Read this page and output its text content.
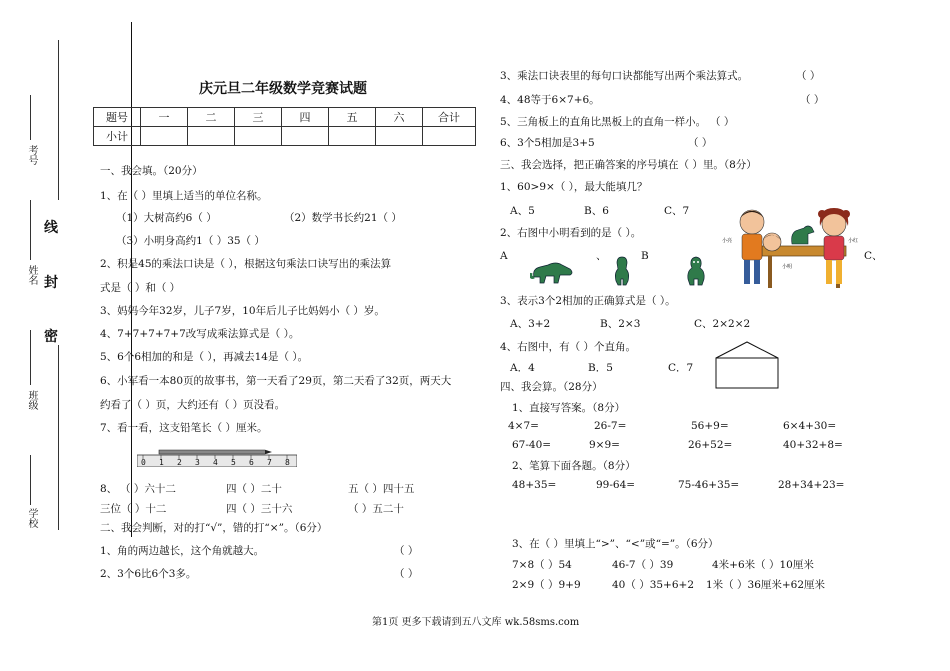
考号
姓名
班级
学校
线
封
密
庆元旦二年级数学竞赛试题
题号	一	二	三	四	五	六	合计
小计							
一、我会填。（20分）
1、在（ ）里填上适当的单位名称。
（1）大树高约6（ ）	（2）数学书长约21（ ）
（3）小明身高约1（ ）35（ ）
2、积是45的乘法口诀是（ ），根据这句乘法口诀写出的乘法算
式是（ ）和（ ）
3、妈妈今年32岁，儿子7岁，10年后儿子比妈妈小（ ）岁。
4、7+7+7+7+7改写成乘法算式是（ ）。
5、6个6相加的和是（ ），再减去14是（ ）。
6、小军看一本80页的故事书，第一天看了29页，第二天看了32页，两天大
约看了（ ）页，大约还有（ ）页没看。
7、看一看，这支铅笔长（ ）厘米。
0 1 2 3 4 5 6 7 8
8、 （ ）六十二	四（ ）二十	五（ ）四十五
三位（ ）十二	四（ ）三十六	（ ）五二十
二、我会判断，对的打“√”，错的打“×”。（6分）
1、角的两边越长，这个角就越大。	（ ）
2、3个6比6个3多。	（ ）
3、乘法口诀表里的每句口诀都能写出两个乘法算式。	（ ）
4、48等于6×7+6。	（ ）
5、三角板上的直角比黑板上的直角一样小。 （ ）
6、3个5相加是3+5	（ ）
三、我会选择，把正确答案的序号填在（ ）里。（8分）
1、60>9×（ ），最大能填几？
A、5	B、6	C、7
2、右图中小明看到的是（ ）。
A	、	B	C、
小亮
小明
小红
3、表示3个2相加的正确算式是（ ）。
A、3+2	B、2×3	C、2×2×2
4、右图中，有（ ）个直角。
A．4	B．5	C．7
四、我会算。（28分）
1、直接写答案。（8分）
4×7=	26-7=	56+9=	6×4+30=
67-40=	9×9=	26+52=	40+32+8=
2、笔算下面各题。（8分）
48+35=	99-64=	75-46+35=	28+34+23=
3、在（ ）里填上“>”、“<”或“=”。（6分）
7×8（ ）54	46-7（ ）39	4米+6米（ ）10厘米
2×9（ ）9+9	40（ ）35+6+2 1米（ ）36厘米+62厘米
第1页 更多下载请到五八文库 wk.58sms.com
